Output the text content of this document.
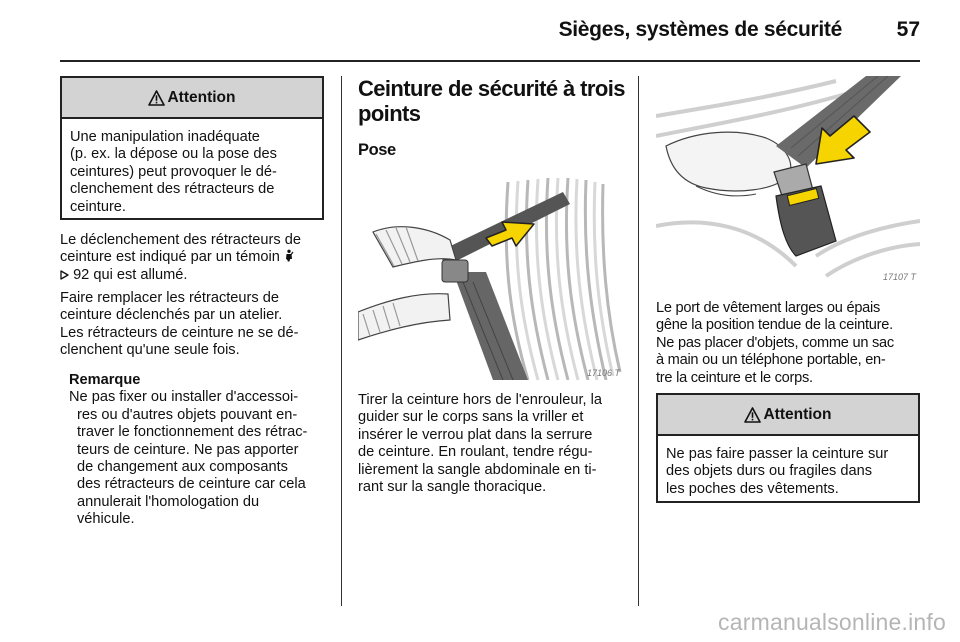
Sièges, systèmes de sécurité	57
Attention
Une manipulation inadéquate
(p. ex. la dépose ou la pose des
ceintures) peut provoquer le dé-
clenchement des rétracteurs de
ceinture.
Le déclenchement des rétracteurs de
ceinture est indiqué par un témoin
92 qui est allumé.
Faire remplacer les rétracteurs de
ceinture déclenchés par un atelier.
Les rétracteurs de ceinture ne se dé-
clenchent qu'une seule fois.
Remarque
Ne pas fixer ou installer d'accessoi-
res ou d'autres objets pouvant en-
traver le fonctionnement des rétrac-
teurs de ceinture. Ne pas apporter
de changement aux composants
des rétracteurs de ceinture car cela
annulerait l'homologation du
véhicule.
Ceinture de sécurité à trois
points
Pose
17106 T
Tirer la ceinture hors de l'enrouleur, la
guider sur le corps sans la vriller et
insérer le verrou plat dans la serrure
de ceinture. En roulant, tendre régu-
lièrement la sangle abdominale en ti-
rant sur la sangle thoracique.
17107 T
Le port de vêtement larges ou épais
gêne la position tendue de la ceinture.
Ne pas placer d'objets, comme un sac
à main ou un téléphone portable, en-
tre la ceinture et le corps.
Attention
Ne pas faire passer la ceinture sur
des objets durs ou fragiles dans
les poches des vêtements.
carmanualsonline.info
